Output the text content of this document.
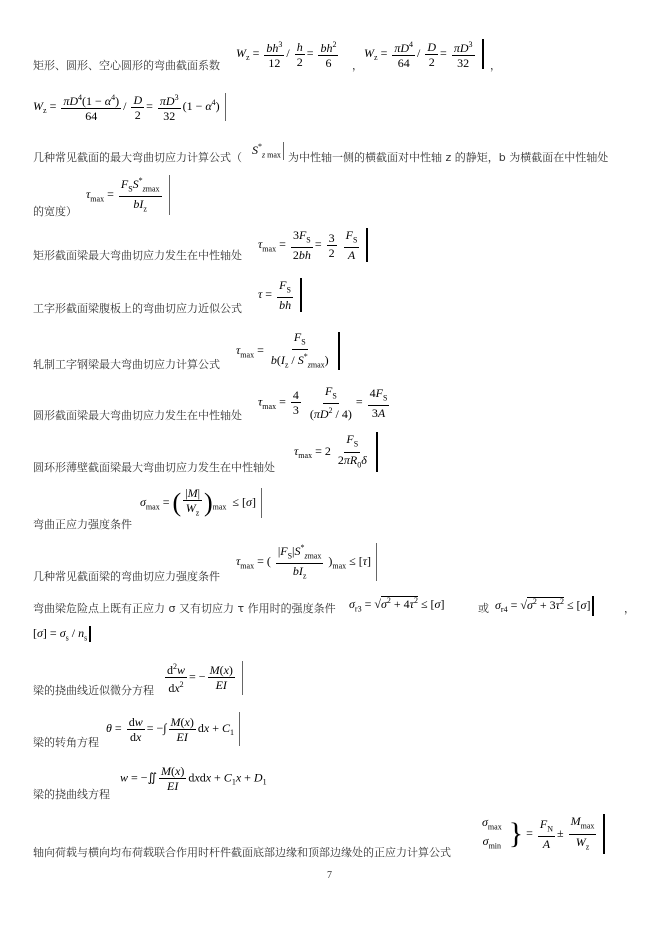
矩形、圆形、空心圆形的弯曲截面系数
$W_z = \frac{bh^3}{12} / \frac{h}{2} = \frac{bh^2}{6}$ ，
$W_z = \frac{\pi D^4}{64} / \frac{D}{2} = \frac{\pi D^3}{32}$
，
$W_z = \frac{\pi D^4(1 - \alpha^4)}{64} / \frac{D}{2} = \frac{\pi D^3}{32} (1 - \alpha^4)$
几种常见截面的最大弯曲切应力计算公式（
$S^*_{z max}$ 为中性轴一侧的横截面对中性轴 z 的静矩，b 为横截面在中性轴处
$\tau_{max} = \frac{F_SS^*_{zmax}}{bI_z}$

的宽度）
矩形截面梁最大弯曲切应力发生在中性轴处
$\tau_{max} = \frac{3F_S}{2bh} = \frac{3}{2}$
$\frac{F_S}{A}$

工字形截面梁腹板上的弯曲切应力近似公式
$\tau = \frac{F_S}{bh}$

轧制工字钢梁最大弯曲切应力计算公式
$\tau_{max} = \frac{F_S}{b(I_z / S^*_{zmax})}$

圆形截面梁最大弯曲切应力发生在中性轴处
$\tau_{max} = \frac{4}{3}$
$\frac{F_S}{(\pi D^2 / 4)} = \frac{4F_S}{3A}$
圆环形薄壁截面梁最大弯曲切应力发生在中性轴处
$\tau_{max} = 2 \frac{F_S}{2\pi R_0\delta}$

弯曲正应力强度条件
$\sigma_{max}$ = ( $\frac{|M|}{W_z} )_{max} \le [\sigma]$
几种常见截面梁的弯曲切应力强度条件
$\tau_{max}$ = ( $\frac{|F_S|S^*_{zmax}}{bI_z} )_{max} \le [\tau]$
弯曲梁危险点上既有正应力 σ 又有切应力 τ 作用时的强度条件 $\sigma_{r3} = √\sigma^2 + 4\tau^2 \le [\sigma]$	或 $\sigma_{r4} = √\sigma^2 + 3\tau^2 \le [\sigma]$	，
$[\sigma] = \sigma_s / n_s$
梁的挠曲线近似微分方程 $\frac{d^2w}{dx^2}$ = − $\frac{M(x)}{EI}$

梁的转角方程
$\theta = \frac{dw}{dx}$ = −∫ $\frac{M(x)}{EI}$ dx + $C_1$
梁的挠曲线方程
w = −∬ $\frac{M(x)}{EI}$ dxdx + $C_1x + D_1$
轴向荷载与横向均布荷载联合作用时杆件截面底部边缘和顶部边缘处的正应力计算公式
$\sigma_{max}$
$\sigma_{min}$ } = $\frac{F_N}{A} \pm \frac{M_{max}}{W_z}$

7
